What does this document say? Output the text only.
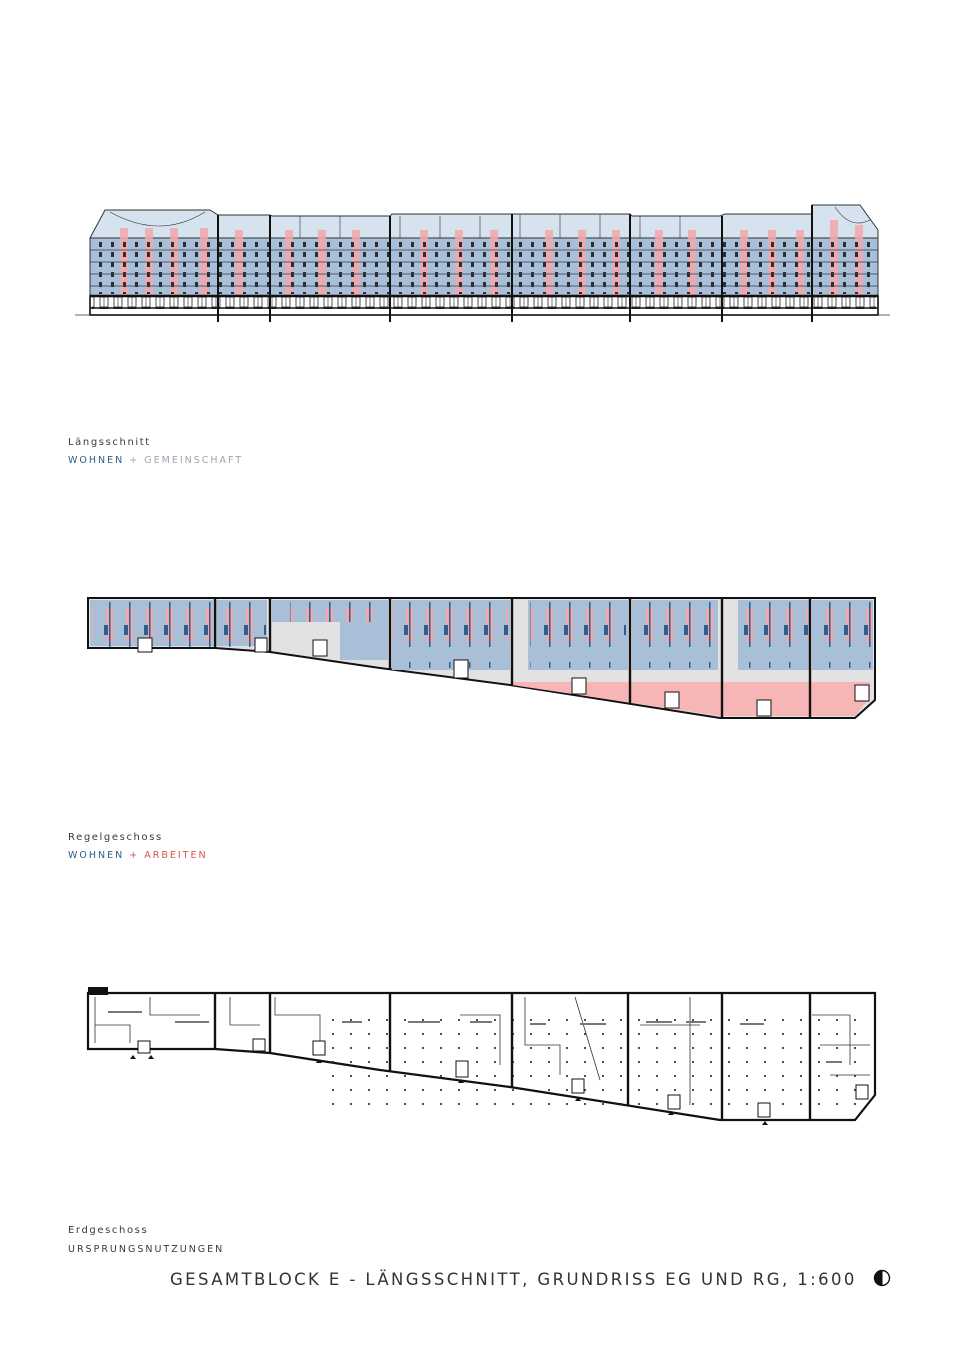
Längsschnitt
WOHNEN + GEMEINSCHAFT
Regelgeschoss
WOHNEN + ARBEITEN
Erdgeschoss
URSPRUNGSNUTZUNGEN
GESAMTBLOCK E - LÄNGSSCHNITT, GRUNDRISS EG UND RG, 1:600
